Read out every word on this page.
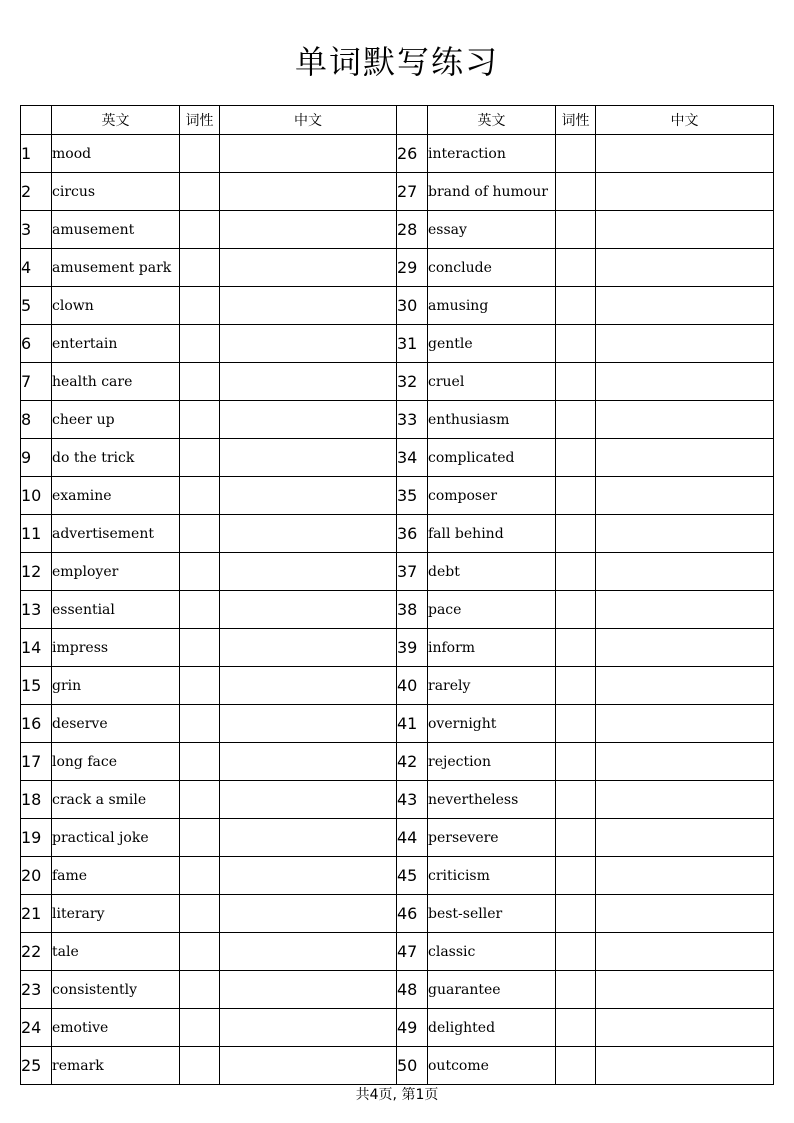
单词默写练习
	英文	词性	中文		英文	词性	中文
1	mood			26	interaction		
2	circus			27	brand of humour		
3	amusement			28	essay		
4	amusement park			29	conclude		
5	clown			30	amusing		
6	entertain			31	gentle		
7	health care			32	cruel		
8	cheer up			33	enthusiasm		
9	do the trick			34	complicated		
10	examine			35	composer		
11	advertisement			36	fall behind		
12	employer			37	debt		
13	essential			38	pace		
14	impress			39	inform		
15	grin			40	rarely		
16	deserve			41	overnight		
17	long face			42	rejection		
18	crack a smile			43	nevertheless		
19	practical joke			44	persevere		
20	fame			45	criticism		
21	literary			46	best-seller		
22	tale			47	classic		
23	consistently			48	guarantee		
24	emotive			49	delighted		
25	remark			50	outcome		
共4页, 第1页
